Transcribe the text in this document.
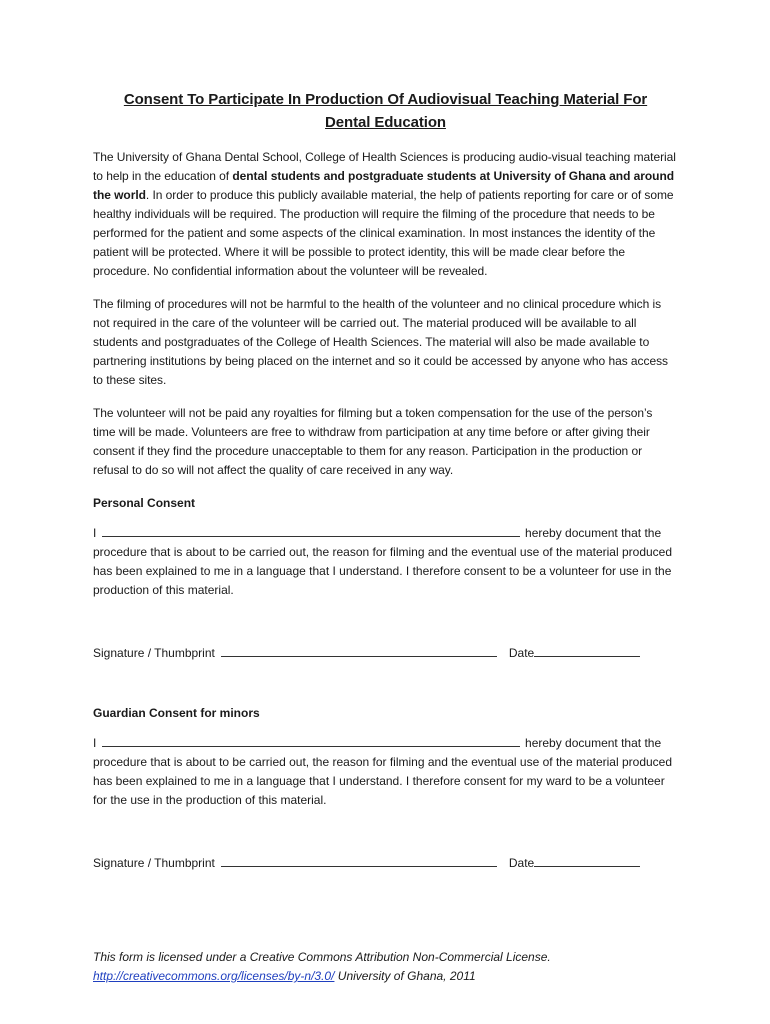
Consent To Participate In Production Of Audiovisual Teaching Material For
Dental Education

The University of Ghana Dental School, College of Health Sciences is producing audio-visual teaching material to help in the education of dental students and postgraduate students at University of Ghana and around the world. In order to produce this publicly available material, the help of patients reporting for care or of some healthy individuals will be required. The production will require the filming of the procedure that needs to be performed for the patient and some aspects of the clinical examination. In most instances the identity of the patient will be protected. Where it will be possible to protect identity, this will be made clear before the procedure. No confidential information about the volunteer will be revealed.

The filming of procedures will not be harmful to the health of the volunteer and no clinical procedure which is not required in the care of the volunteer will be carried out. The material produced will be available to all students and postgraduates of the College of Health Sciences. The material will also be made available to partnering institutions by being placed on the internet and so it could be accessed by anyone who has access to these sites.

The volunteer will not be paid any royalties for filming but a token compensation for the use of the person’s time will be made. Volunteers are free to withdraw from participation at any time before or after giving their consent if they find the procedure unacceptable to them for any reason. Participation in the production or refusal to do so will not affect the quality of care received in any way.

Personal Consent
I	hereby document that the procedure that is about to be carried out, the reason for filming and the eventual use of the material produced has been explained to me in a language that I understand. I therefore consent to be a volunteer for use in the production of this material.
Signature / Thumbprint	Date
Guardian Consent for minors
I	hereby document that the procedure that is about to be carried out, the reason for filming and the eventual use of the material produced has been explained to me in a language that I understand. I therefore consent for my ward to be a volunteer for the use in the production of this material.
Signature / Thumbprint	Date
This form is licensed under a Creative Commons Attribution Non-Commercial License.
http://creativecommons.org/licenses/by-n/3.0/ University of Ghana, 2011
